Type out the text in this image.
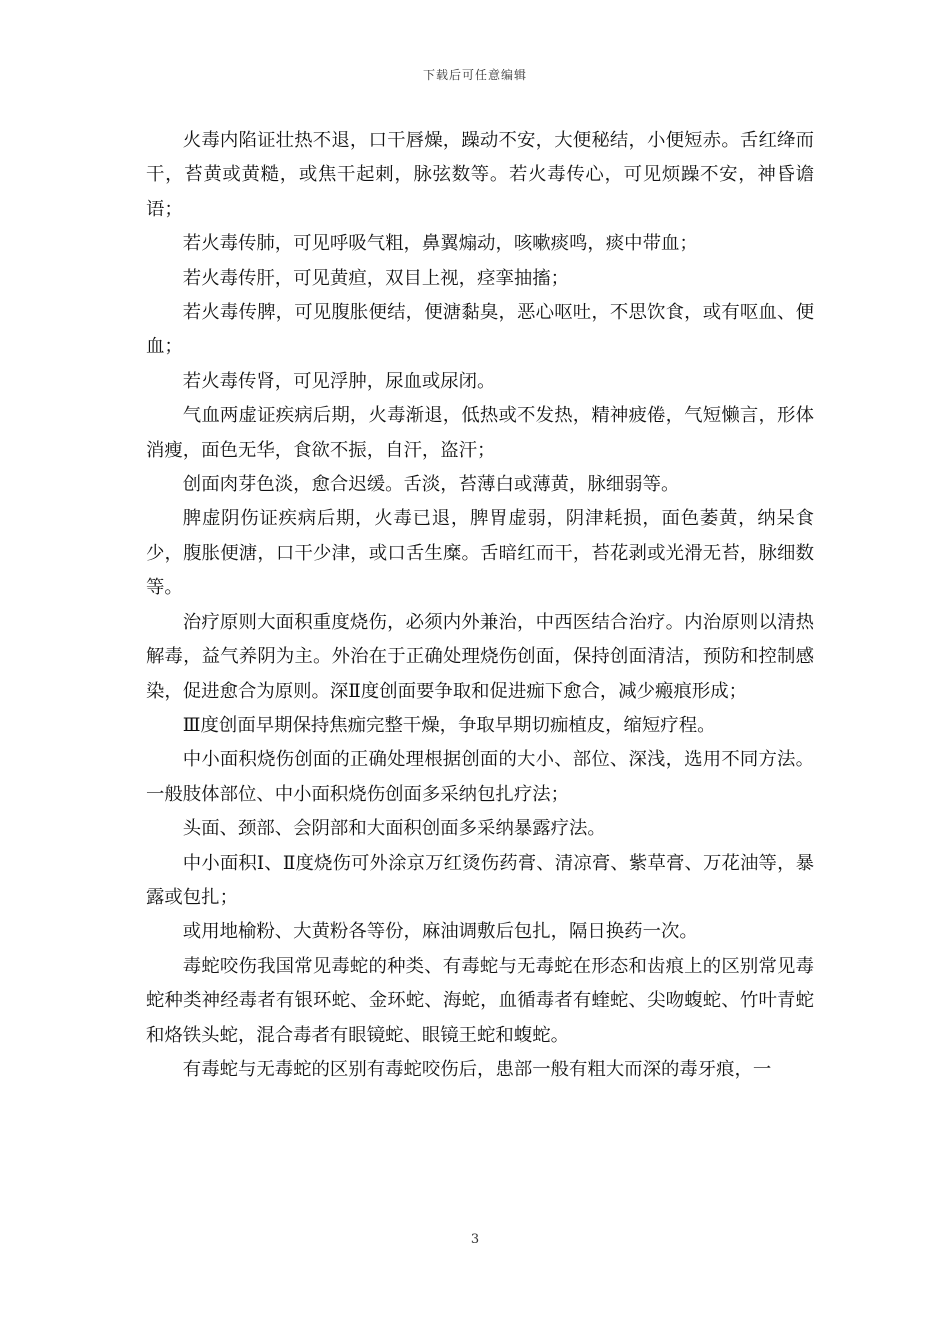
下载后可任意编辑

火毒内陷证壮热不退，口干唇燥，躁动不安，大便秘结，小便短赤。舌红绛而干，苔黄或黄糙，或焦干起刺，脉弦数等。若火毒传心，可见烦躁不安，神昏谵语；

若火毒传肺，可见呼吸气粗，鼻翼煽动，咳嗽痰鸣，痰中带血；

若火毒传肝，可见黄疸，双目上视，痉挛抽搐；

若火毒传脾，可见腹胀便结，便溏黏臭，恶心呕吐，不思饮食，或有呕血、便血；

若火毒传肾，可见浮肿，尿血或尿闭。

气血两虚证疾病后期，火毒渐退，低热或不发热，精神疲倦，气短懒言，形体消瘦，面色无华，食欲不振，自汗，盗汗；

创面肉芽色淡，愈合迟缓。舌淡，苔薄白或薄黄，脉细弱等。

脾虚阴伤证疾病后期，火毒已退，脾胃虚弱，阴津耗损，面色萎黄，纳呆食少，腹胀便溏，口干少津，或口舌生糜。舌暗红而干，苔花剥或光滑无苔，脉细数等。

治疗原则大面积重度烧伤，必须内外兼治，中西医结合治疗。内治原则以清热解毒，益气养阴为主。外治在于正确处理烧伤创面，保持创面清洁，预防和控制感染，促进愈合为原则。深Ⅱ度创面要争取和促进痂下愈合，减少瘢痕形成；

Ⅲ度创面早期保持焦痂完整干燥，争取早期切痂植皮，缩短疗程。

中小面积烧伤创面的正确处理根据创面的大小、部位、深浅，选用不同方法。一般肢体部位、中小面积烧伤创面多采纳包扎疗法；

头面、颈部、会阴部和大面积创面多采纳暴露疗法。

中小面积Ⅰ、Ⅱ度烧伤可外涂京万红烫伤药膏、清凉膏、紫草膏、万花油等，暴露或包扎；

或用地榆粉、大黄粉各等份，麻油调敷后包扎，隔日换药一次。

毒蛇咬伤我国常见毒蛇的种类、有毒蛇与无毒蛇在形态和齿痕上的区别常见毒蛇种类神经毒者有银环蛇、金环蛇、海蛇，血循毒者有蝰蛇、尖吻蝮蛇、竹叶青蛇和烙铁头蛇，混合毒者有眼镜蛇、眼镜王蛇和蝮蛇。

有毒蛇与无毒蛇的区别有毒蛇咬伤后，患部一般有粗大而深的毒牙痕，一

3
